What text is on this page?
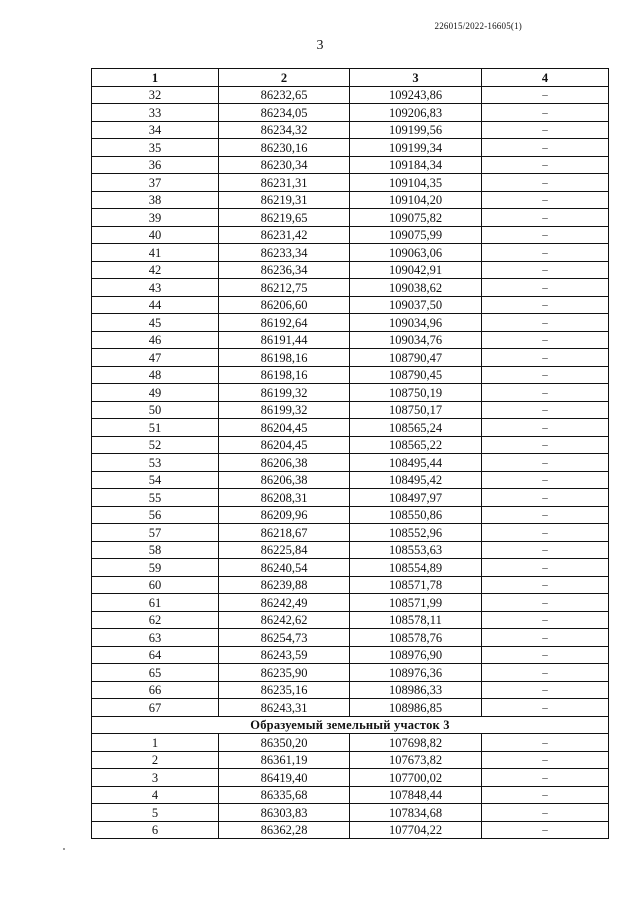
226015/2022-16605(1)
3
1	2	3	4
32	86232,65	109243,86	–
33	86234,05	109206,83	–
34	86234,32	109199,56	–
35	86230,16	109199,34	–
36	86230,34	109184,34	–
37	86231,31	109104,35	–
38	86219,31	109104,20	–
39	86219,65	109075,82	–
40	86231,42	109075,99	–
41	86233,34	109063,06	–
42	86236,34	109042,91	–
43	86212,75	109038,62	–
44	86206,60	109037,50	–
45	86192,64	109034,96	–
46	86191,44	109034,76	–
47	86198,16	108790,47	–
48	86198,16	108790,45	–
49	86199,32	108750,19	–
50	86199,32	108750,17	–
51	86204,45	108565,24	–
52	86204,45	108565,22	–
53	86206,38	108495,44	–
54	86206,38	108495,42	–
55	86208,31	108497,97	–
56	86209,96	108550,86	–
57	86218,67	108552,96	–
58	86225,84	108553,63	–
59	86240,54	108554,89	–
60	86239,88	108571,78	–
61	86242,49	108571,99	–
62	86242,62	108578,11	–
63	86254,73	108578,76	–
64	86243,59	108976,90	–
65	86235,90	108976,36	–
66	86235,16	108986,33	–
67	86243,31	108986,85	–
Образуемый земельный участок 3			
1	86350,20	107698,82	–
2	86361,19	107673,82	–
3	86419,40	107700,02	–
4	86335,68	107848,44	–
5	86303,83	107834,68	–
6	86362,28	107704,22	–
